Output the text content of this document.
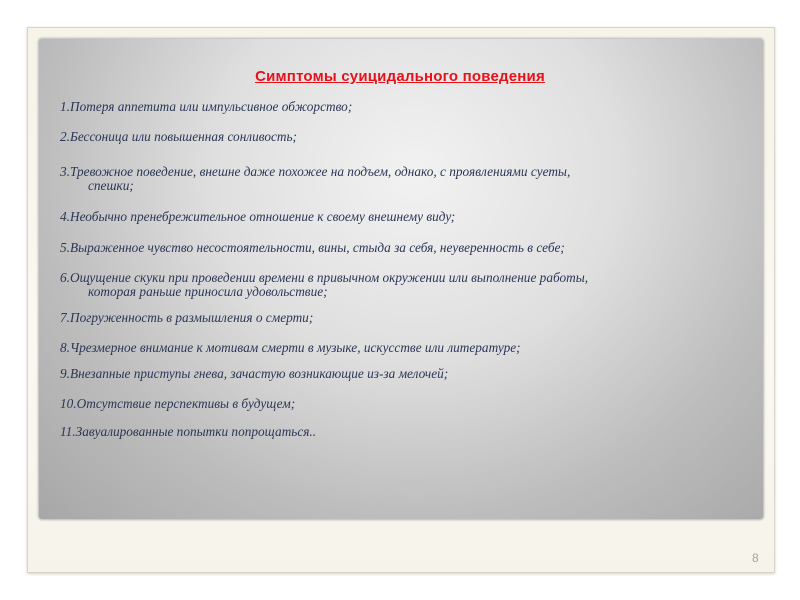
Симптомы суицидального поведения
1.Потеря аппетита или импульсивное обжорство;
2.Бессоница или повышенная сонливость;
3.Тревожное поведение, внешне даже похожее на подъем, однако, с проявлениями суеты,
спешки;
4.Необычно пренебрежительное отношение к своему внешнему виду;
5.Выраженное чувство несостоятельности, вины, стыда за себя, неуверенность в себе;
6.Ощущение скуки при проведении времени в привычном окружении или выполнение работы,
которая раньше приносила удовольствие;
7.Погруженность в размышления о смерти;
8.Чрезмерное внимание к мотивам смерти в музыке, искусстве или литературе;
9.Внезапные приступы гнева, зачастую возникающие из-за мелочей;
10.Отсутствие перспективы в будущем;
11.Завуалированные попытки попрощаться..
8
